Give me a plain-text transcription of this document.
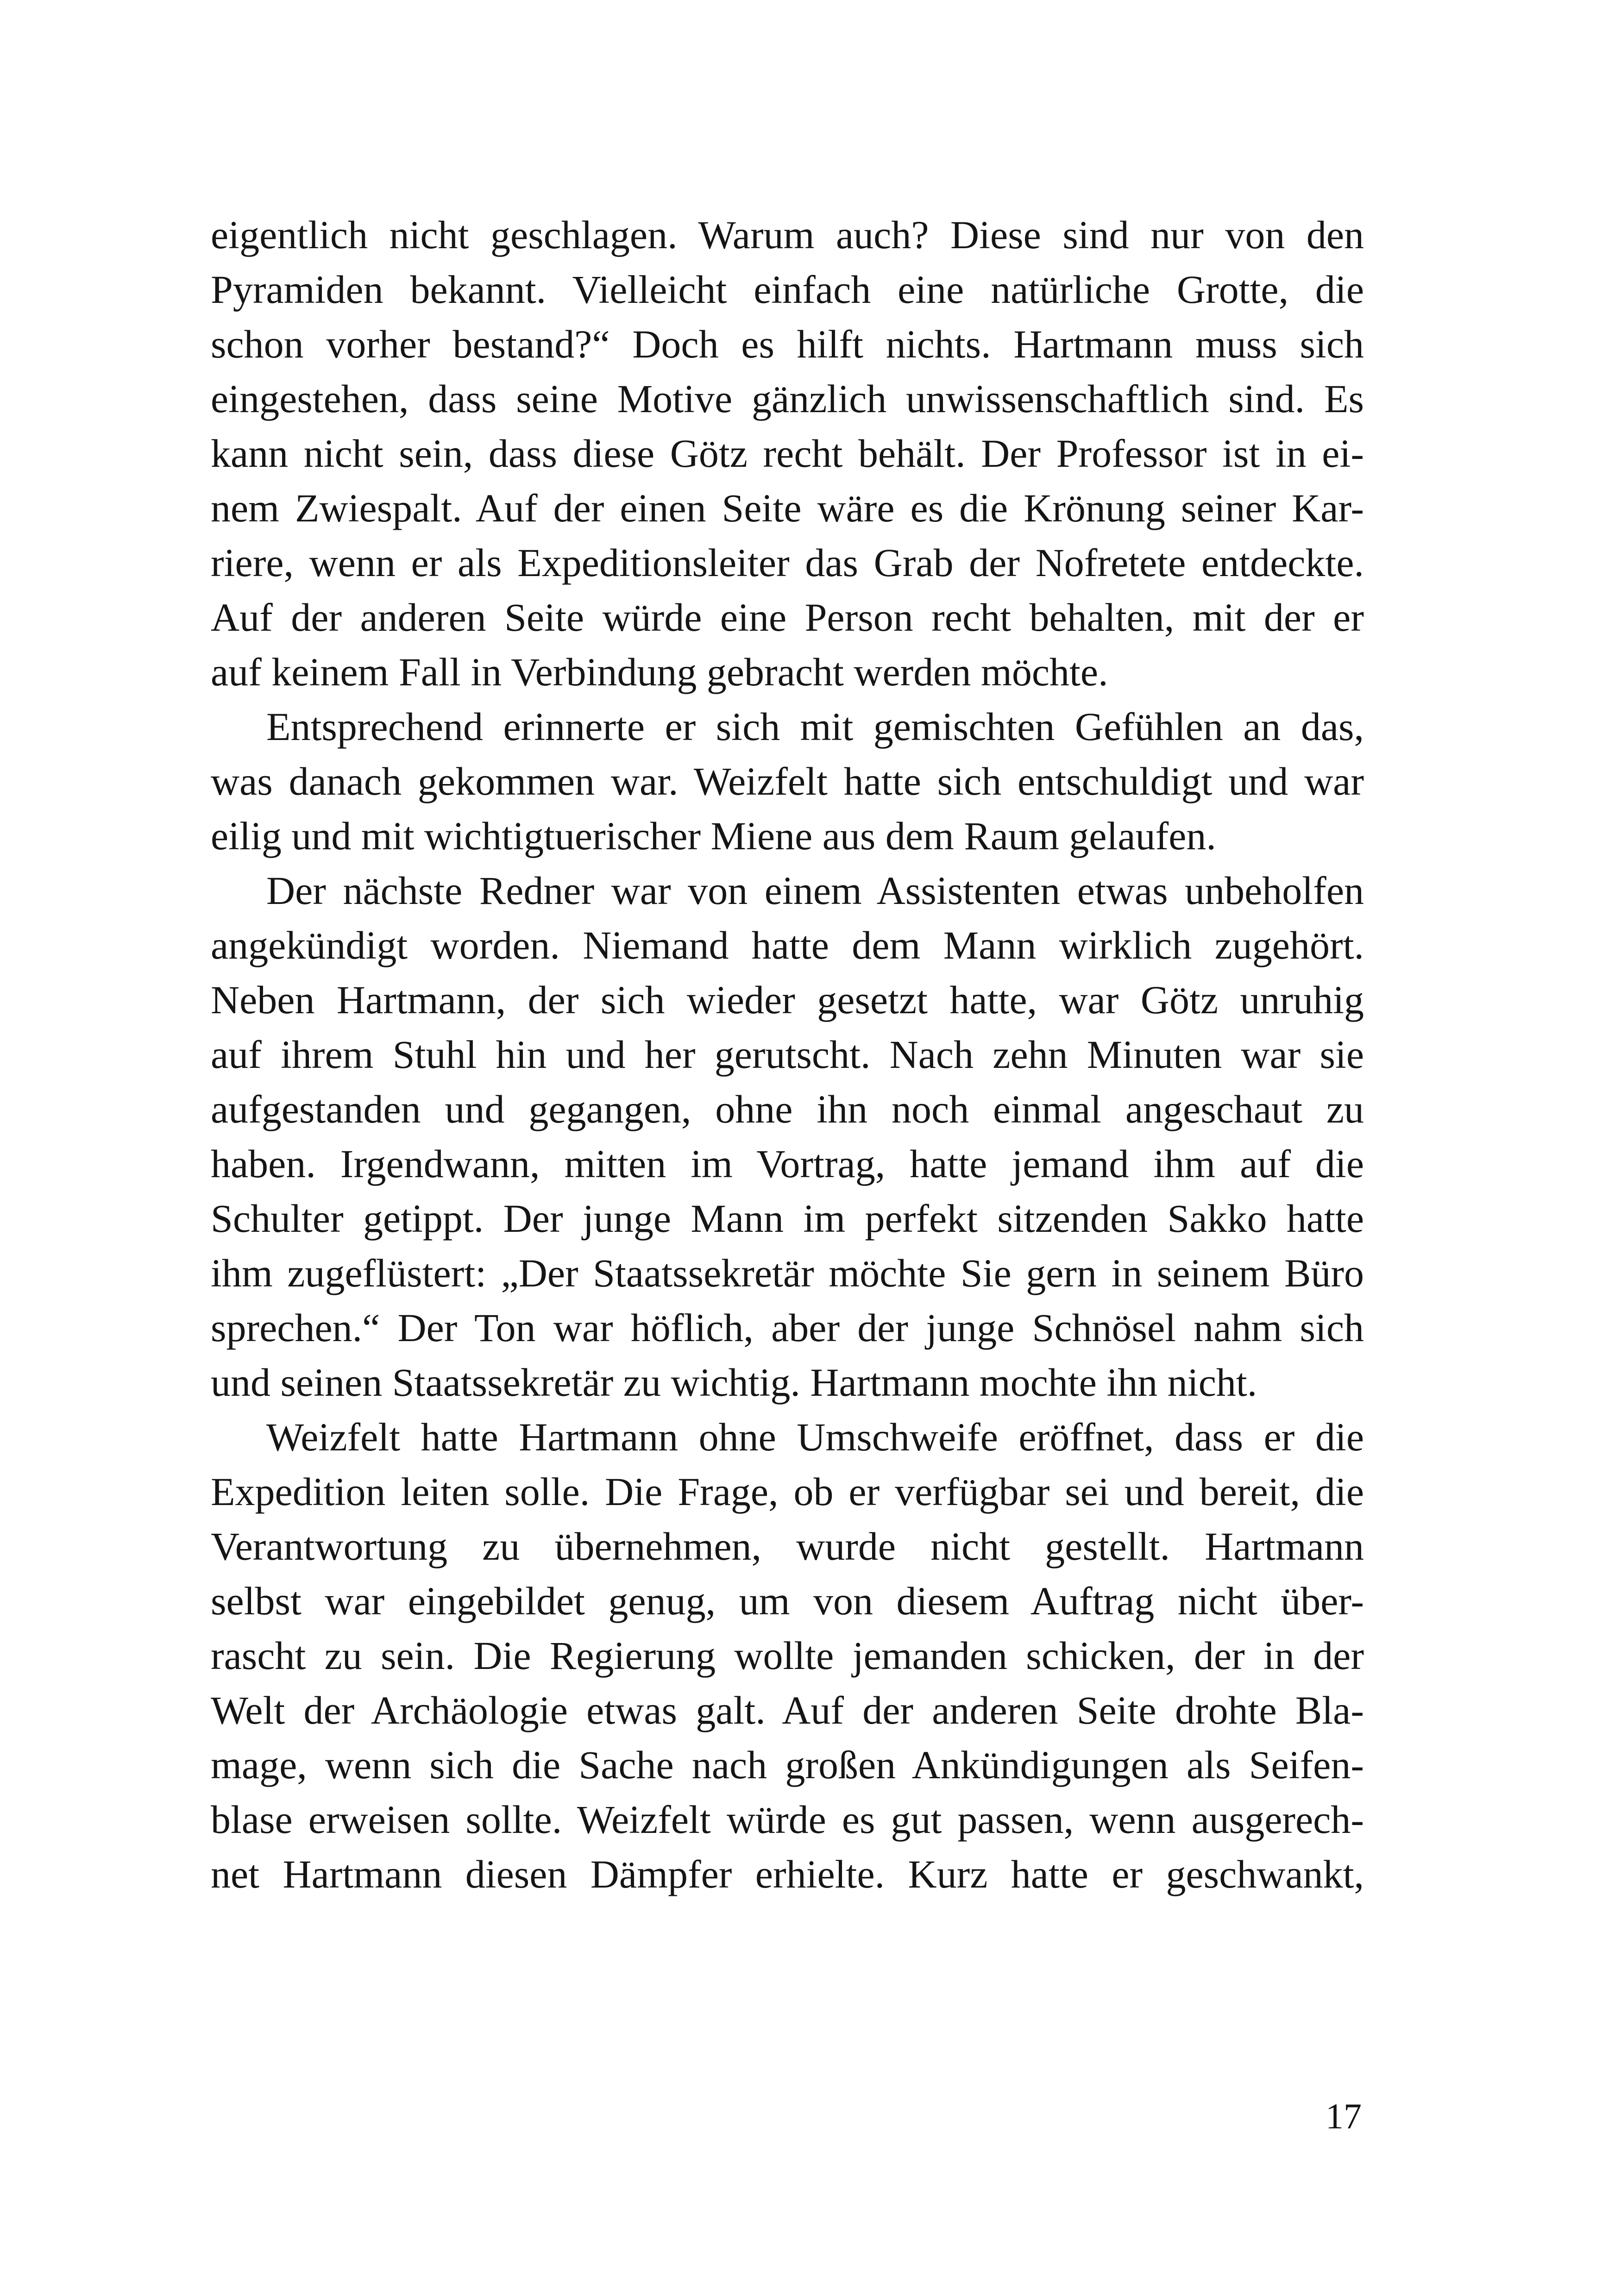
eigentlich nicht geschlagen. Warum auch? Diese sind nur von den
Pyramiden bekannt. Vielleicht einfach eine natürliche Grotte, die
schon vorher bestand?“ Doch es hilft nichts. Hartmann muss sich
eingestehen, dass seine Motive gänzlich unwissenschaftlich sind. Es
kann nicht sein, dass diese Götz recht behält. Der Professor ist in ei-
nem Zwiespalt. Auf der einen Seite wäre es die Krönung seiner Kar-
riere, wenn er als Expeditionsleiter das Grab der Nofretete entdeckte.
Auf der anderen Seite würde eine Person recht behalten, mit der er
auf keinem Fall in Verbindung gebracht werden möchte.
Entsprechend erinnerte er sich mit gemischten Gefühlen an das,
was danach gekommen war. Weizfelt hatte sich entschuldigt und war
eilig und mit wichtigtuerischer Miene aus dem Raum gelaufen.
Der nächste Redner war von einem Assistenten etwas unbeholfen
angekündigt worden. Niemand hatte dem Mann wirklich zugehört.
Neben Hartmann, der sich wieder gesetzt hatte, war Götz unruhig
auf ihrem Stuhl hin und her gerutscht. Nach zehn Minuten war sie
aufgestanden und gegangen, ohne ihn noch einmal angeschaut zu
haben. Irgendwann, mitten im Vortrag, hatte jemand ihm auf die
Schulter getippt. Der junge Mann im perfekt sitzenden Sakko hatte
ihm zugeflüstert: „Der Staatssekretär möchte Sie gern in seinem Büro
sprechen.“ Der Ton war höflich, aber der junge Schnösel nahm sich
und seinen Staatssekretär zu wichtig. Hartmann mochte ihn nicht.
Weizfelt hatte Hartmann ohne Umschweife eröffnet, dass er die
Expedition leiten solle. Die Frage, ob er verfügbar sei und bereit, die
Verantwortung zu übernehmen, wurde nicht gestellt. Hartmann
selbst war eingebildet genug, um von diesem Auftrag nicht über-
rascht zu sein. Die Regierung wollte jemanden schicken, der in der
Welt der Archäologie etwas galt. Auf der anderen Seite drohte Bla-
mage, wenn sich die Sache nach großen Ankündigungen als Seifen-
blase erweisen sollte. Weizfelt würde es gut passen, wenn ausgerech-
net Hartmann diesen Dämpfer erhielte. Kurz hatte er geschwankt,
17
